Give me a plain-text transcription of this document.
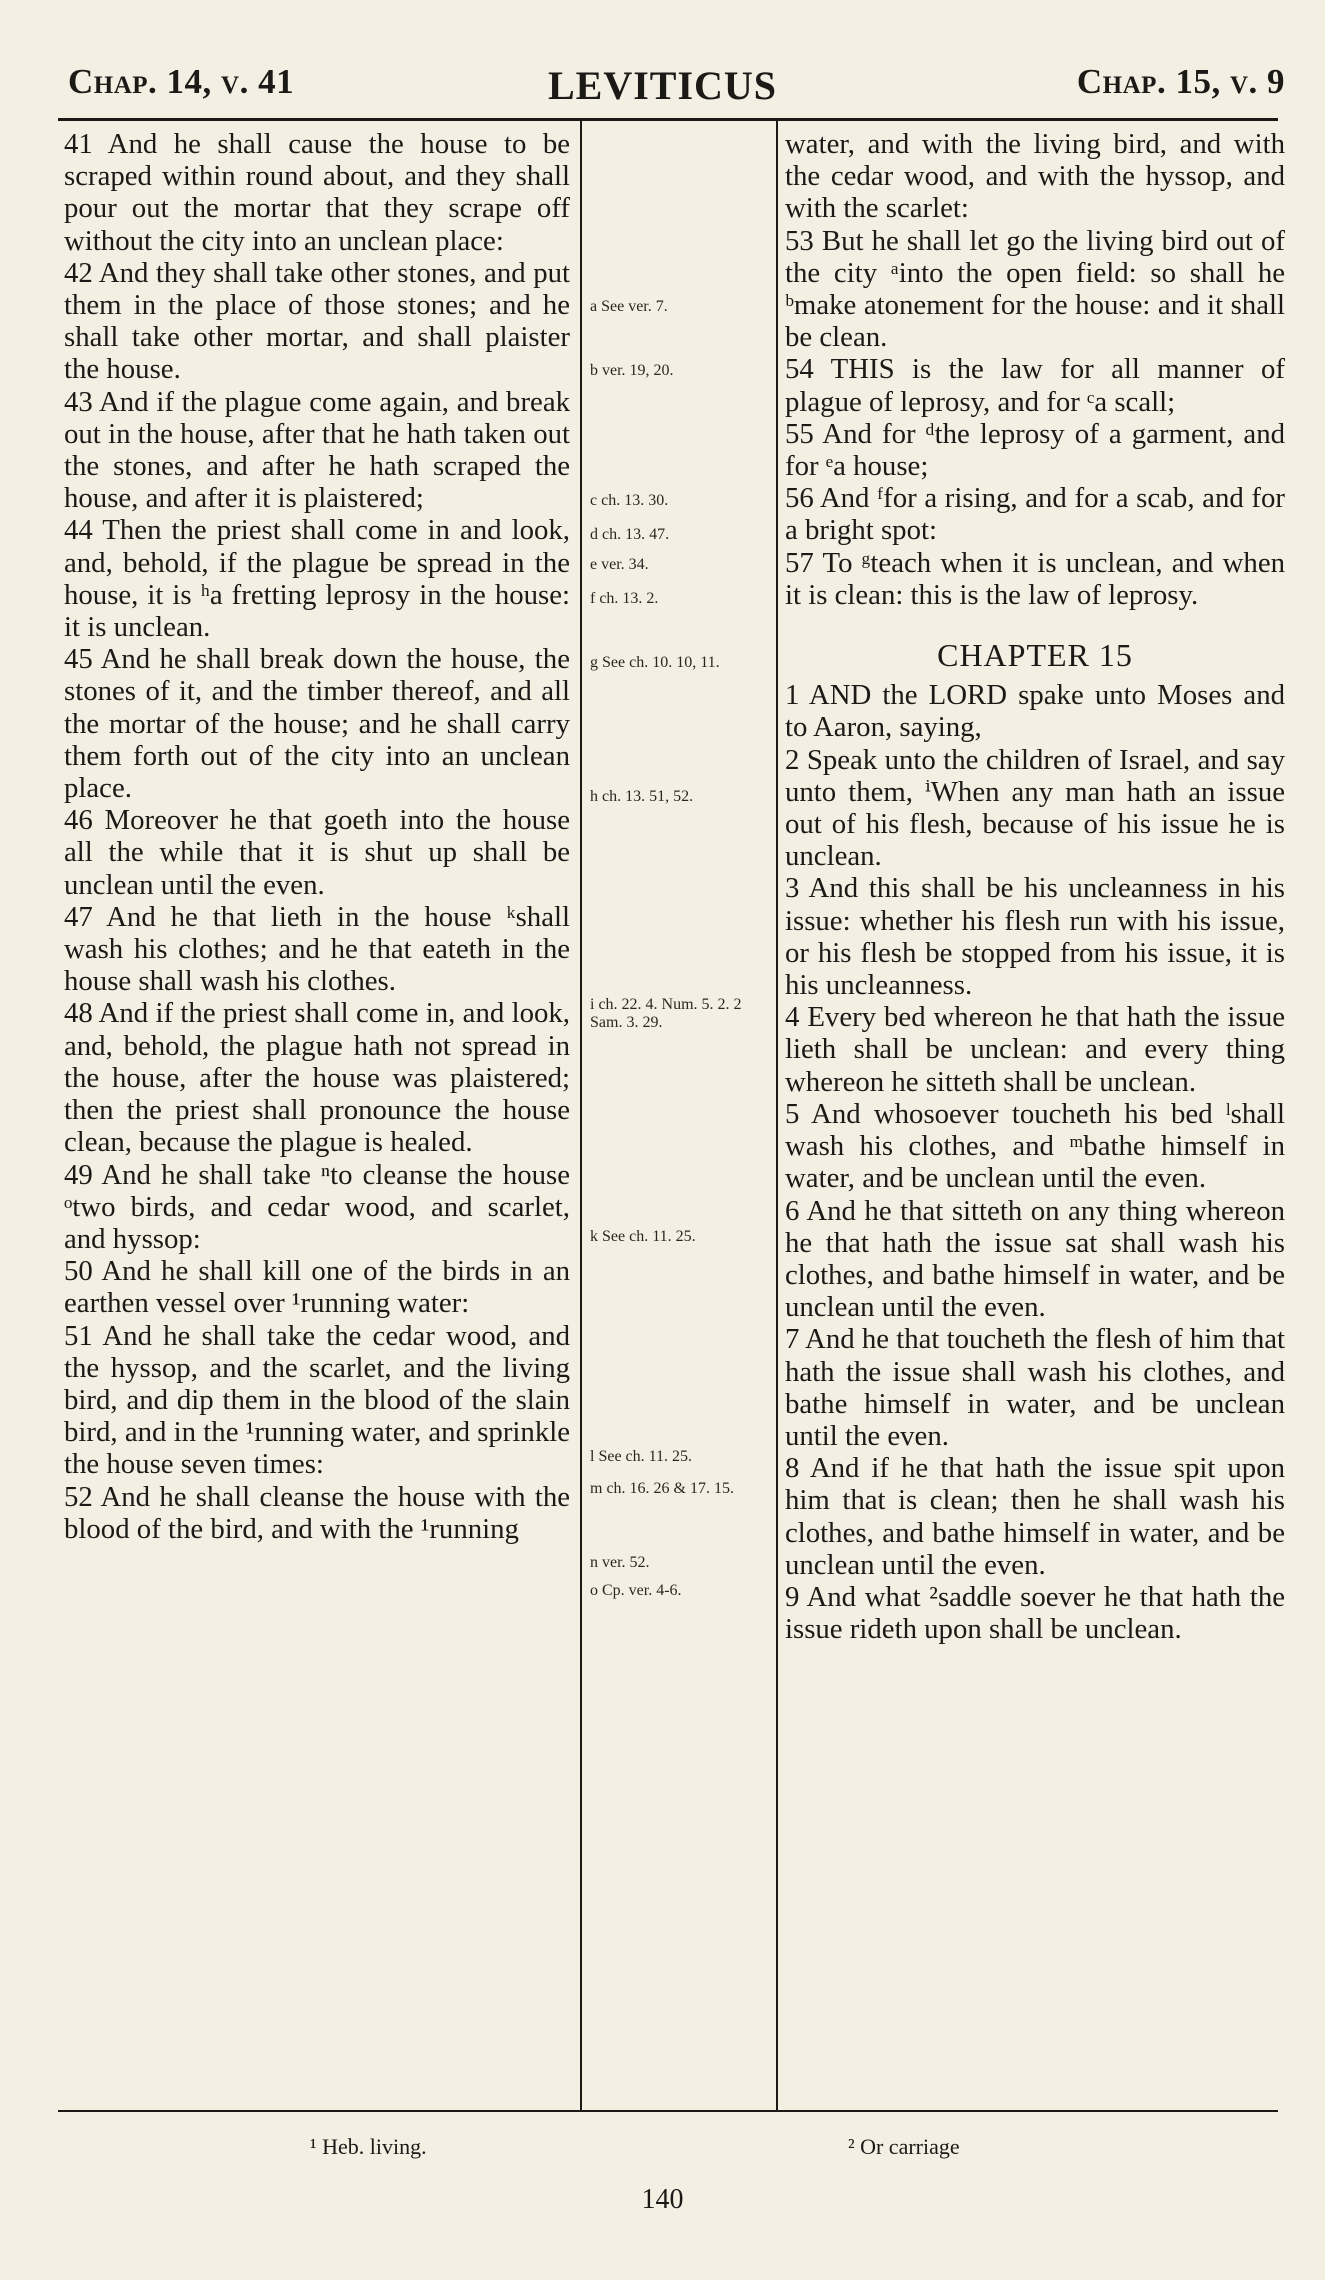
Chap. 14, v. 41	LEVITICUS	Chap. 15, v. 9

41 And he shall cause the house to be scraped within round about, and they shall pour out the mortar that they scrape off without the city into an unclean place:

42 And they shall take other stones, and put them in the place of those stones; and he shall take other mortar, and shall plaister the house.

43 And if the plague come again, and break out in the house, after that he hath taken out the stones, and after he hath scraped the house, and after it is plaistered;

44 Then the priest shall come in and look, and, behold, if the plague be spread in the house, it is ʰa fretting leprosy in the house: it is unclean.

45 And he shall break down the house, the stones of it, and the timber thereof, and all the mortar of the house; and he shall carry them forth out of the city into an unclean place.

46 Moreover he that goeth into the house all the while that it is shut up shall be unclean until the even.

47 And he that lieth in the house ᵏshall wash his clothes; and he that eateth in the house shall wash his clothes.

48 And if the priest shall come in, and look, and, behold, the plague hath not spread in the house, after the house was plaistered; then the priest shall pronounce the house clean, because the plague is healed.

49 And he shall take ⁿto cleanse the house ᵒtwo birds, and cedar wood, and scarlet, and hyssop:

50 And he shall kill one of the birds in an earthen vessel over ¹running water:

51 And he shall take the cedar wood, and the hyssop, and the scarlet, and the living bird, and dip them in the blood of the slain bird, and in the ¹running water, and sprinkle the house seven times:

52 And he shall cleanse the house with the blood of the bird, and with the ¹running

a See ver. 7.
b ver. 19, 20.
c ch. 13. 30.
d ch. 13. 47.
e ver. 34.
f ch. 13. 2.
g See ch. 10. 10, 11.
h ch. 13. 51, 52.
i ch. 22. 4. Num. 5. 2. 2 Sam. 3. 29.
k See ch. 11. 25.
l See ch. 11. 25.
m ch. 16. 26 & 17. 15.
n ver. 52.
o Cp. ver. 4-6.

water, and with the living bird, and with the cedar wood, and with the hyssop, and with the scarlet:

53 But he shall let go the living bird out of the city ᵃinto the open field: so shall he ᵇmake atonement for the house: and it shall be clean.

54 THIS is the law for all manner of plague of leprosy, and for ᶜa scall;

55 And for ᵈthe leprosy of a garment, and for ᵉa house;

56 And ᶠfor a rising, and for a scab, and for a bright spot:

57 To ᵍteach when it is unclean, and when it is clean: this is the law of leprosy.

CHAPTER 15

1 AND the LORD spake unto Moses and to Aaron, saying,

2 Speak unto the children of Israel, and say unto them, ⁱWhen any man hath an issue out of his flesh, because of his issue he is unclean.

3 And this shall be his uncleanness in his issue: whether his flesh run with his issue, or his flesh be stopped from his issue, it is his uncleanness.

4 Every bed whereon he that hath the issue lieth shall be unclean: and every thing whereon he sitteth shall be unclean.

5 And whosoever toucheth his bed ˡshall wash his clothes, and ᵐbathe himself in water, and be unclean until the even.

6 And he that sitteth on any thing whereon he that hath the issue sat shall wash his clothes, and bathe himself in water, and be unclean until the even.

7 And he that toucheth the flesh of him that hath the issue shall wash his clothes, and bathe himself in water, and be unclean until the even.

8 And if he that hath the issue spit upon him that is clean; then he shall wash his clothes, and bathe himself in water, and be unclean until the even.

9 And what ²saddle soever he that hath the issue rideth upon shall be unclean.

¹ Heb. living.	² Or carriage
140
